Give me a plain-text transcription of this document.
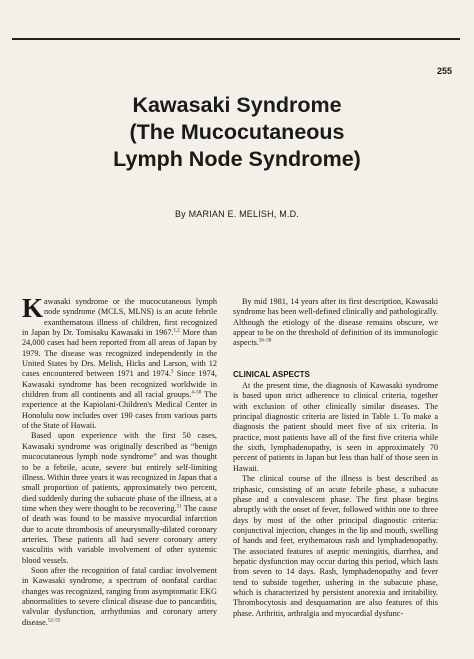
255
Kawasaki Syndrome
(The Mucocutaneous
Lymph Node Syndrome)
By MARIAN E. MELISH, M.D.

Kawasaki syndrome or the mucocutaneous lymph node syndrome (MCLS, MLNS) is an acute febrile exanthematous illness of children, first recognized in Japan by Dr. Tomisaku Kawasaki in 1967.$^{1,2}$ More than 24,000 cases had been reported from all areas of Japan by 1979. The disease was recognized independently in the United States by Drs. Melish, Hicks and Larson, with 12 cases encountered between 1971 and 1974.$^3$ Since 1974, Kawasaki syndrome has been recognized worldwide in children from all continents and all racial groups.$^{4-50}$ The experience at the Kapiolani-Children's Medical Center in Honolulu now includes over 190 cases from various parts of the State of Hawaii.

Based upon experience with the first 50 cases, Kawasaki syndrome was originally described as “benign mucocutaneous lymph node syndrome” and was thought to be a febrile, acute, severe but entirely self-limiting illness. Within three years it was recognized in Japan that a small proportion of patients, approximately two percent, died suddenly during the subacute phase of the illness, at a time when they were thought to be recovering.$^{51}$ The cause of death was found to be massive myocardial infarction due to acute thrombosis of aneurysmally-dilated coronary arteries. These patients all had severe coronary artery vasculitis with variable involvement of other systemic blood vessels.

Soon after the recognition of fatal cardiac involvement in Kawasaki syndrome, a spectrum of nonfatal cardiac changes was recognized, ranging from asymptomatic EKG abnormalities to severe clinical disease due to pancarditis, valvular dysfunction, arrhythmias and coronary artery disease.$^{52-55}$

By mid 1981, 14 years after its first description, Kawasaki syndrome has been well-defined clinically and pathologically. Although the etiology of the disease remains obscure, we appear to be on the threshold of definition of its immunologic aspects.$^{56-58}$

CLINICAL ASPECTS

At the present time, the diagnosis of Kawasaki syndrome is based upon strict adherence to clinical criteria, together with exclusion of other clinically similar diseases. The principal diagnostic criteria are listed in Table 1. To make a diagnosis the patient should meet five of six criteria. In practice, most patients have all of the first five criteria while the sixth, lymphadenopathy, is seen in approximately 70 percent of patients in Japan but less than half of those seen in Hawaii.

The clinical course of the illness is best described as triphasic, consisting of an acute febrile phase, a subacute phase and a convalescent phase. The first phase begins abruptly with the onset of fever, followed within one to three days by most of the other principal diagnostic criteria: conjunctival injection, changes in the lip and mouth, swelling of hands and feet, erythematous rash and lymphadenopathy. The associated features of aseptic meningitis, diarrhea, and hepatic dysfunction may occur during this period, which lasts from seven to 14 days. Rash, lymphadenopathy and fever tend to subside together, ushering in the subacute phase, which is characterized by persistent anorexia and irritability. Thrombocytosis and desquamation are also features of this phase. Arthritis, arthralgia and myocardial dysfunc-
